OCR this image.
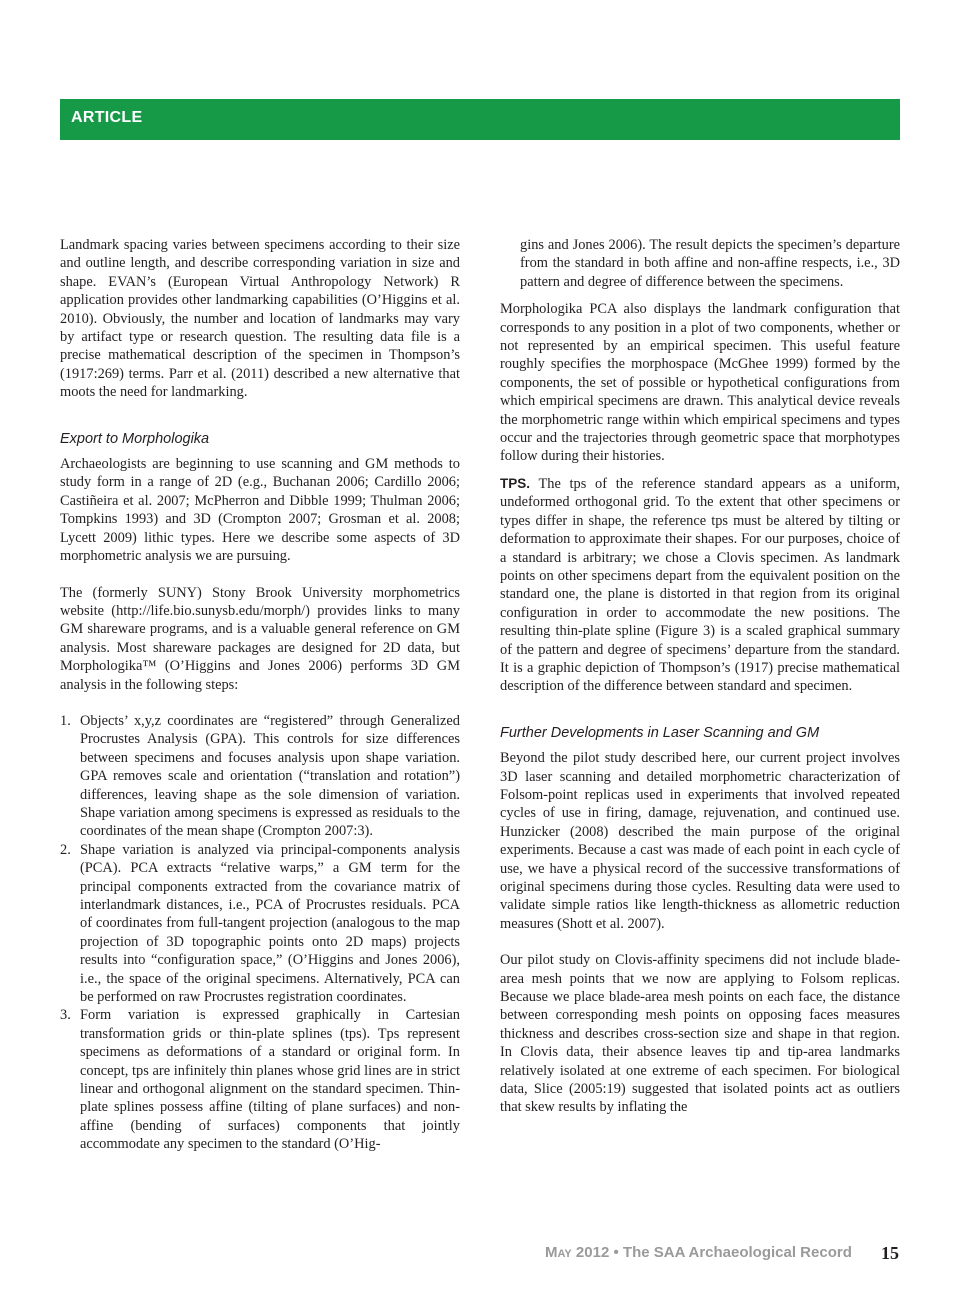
ARTICLE

Landmark spacing varies between specimens according to their size and outline length, and describe corresponding variation in size and shape. EVAN’s (European Virtual Anthropology Network) R application provides other landmarking capabilities (O’Higgins et al. 2010). Obviously, the number and location of landmarks may vary by artifact type or research question. The resulting data file is a precise mathematical description of the specimen in Thompson’s (1917:269) terms. Parr et al. (2011) described a new alternative that moots the need for landmarking.

Export to Morphologika

Archaeologists are beginning to use scanning and GM methods to study form in a range of 2D (e.g., Buchanan 2006; Cardillo 2006; Castiñeira et al. 2007; McPherron and Dibble 1999; Thulman 2006; Tompkins 1993) and 3D (Crompton 2007; Grosman et al. 2008; Lycett 2009) lithic types. Here we describe some aspects of 3D morphometric analysis we are pursuing.

The (formerly SUNY) Stony Brook University morphometrics website (http://life.bio.sunysb.edu/morph/) provides links to many GM shareware programs, and is a valuable general reference on GM analysis. Most shareware packages are designed for 2D data, but Morphologika™ (O’Higgins and Jones 2006) performs 3D GM analysis in the following steps:

1. Objects’ x,y,z coordinates are “registered” through Generalized Procrustes Analysis (GPA). This controls for size differences between specimens and focuses analysis upon shape variation. GPA removes scale and orientation (“translation and rotation”) differences, leaving shape as the sole dimension of variation. Shape variation among specimens is expressed as residuals to the coordinates of the mean shape (Crompton 2007:3).
2. Shape variation is analyzed via principal-components analysis (PCA). PCA extracts “relative warps,” a GM term for the principal components extracted from the covariance matrix of interlandmark distances, i.e., PCA of Procrustes residuals. PCA of coordinates from full-tangent projection (analogous to the map projection of 3D topographic points onto 2D maps) projects results into “configuration space,” (O’Higgins and Jones 2006), i.e., the space of the original specimens. Alternatively, PCA can be performed on raw Procrustes registration coordinates.
3. Form variation is expressed graphically in Cartesian transformation grids or thin-plate splines (tps). Tps represent specimens as deformations of a standard or original form. In concept, tps are infinitely thin planes whose grid lines are in strict linear and orthogonal alignment on the standard specimen. Thin-plate splines possess affine (tilting of plane surfaces) and non-affine (bending of surfaces) components that jointly accommodate any specimen to the standard (O’Hig-

gins and Jones 2006). The result depicts the specimen’s departure from the standard in both affine and non-affine respects, i.e., 3D pattern and degree of difference between the specimens.

Morphologika PCA also displays the landmark configuration that corresponds to any position in a plot of two components, whether or not represented by an empirical specimen. This useful feature roughly specifies the morphospace (McGhee 1999) formed by the components, the set of possible or hypothetical configurations from which empirical specimens are drawn. This analytical device reveals the morphometric range within which empirical specimens and types occur and the trajectories through geometric space that morphotypes follow during their histories.

TPS. The tps of the reference standard appears as a uniform, undeformed orthogonal grid. To the extent that other specimens or types differ in shape, the reference tps must be altered by tilting or deformation to approximate their shapes. For our purposes, choice of a standard is arbitrary; we chose a Clovis specimen. As landmark points on other specimens depart from the equivalent position on the standard one, the plane is distorted in that region from its original configuration in order to accommodate the new positions. The resulting thin-plate spline (Figure 3) is a scaled graphical summary of the pattern and degree of specimens’ departure from the standard. It is a graphic depiction of Thompson’s (1917) precise mathematical description of the difference between standard and specimen.

Further Developments in Laser Scanning and GM

Beyond the pilot study described here, our current project involves 3D laser scanning and detailed morphometric characterization of Folsom-point replicas used in experiments that involved repeated cycles of use in firing, damage, rejuvenation, and continued use. Hunzicker (2008) described the main purpose of the original experiments. Because a cast was made of each point in each cycle of use, we have a physical record of the successive transformations of original specimens during those cycles. Resulting data were used to validate simple ratios like length-thickness as allometric reduction measures (Shott et al. 2007).

Our pilot study on Clovis-affinity specimens did not include blade-area mesh points that we now are applying to Folsom replicas. Because we place blade-area mesh points on each face, the distance between corresponding mesh points on opposing faces measures thickness and describes cross-section size and shape in that region. In Clovis data, their absence leaves tip and tip-area landmarks relatively isolated at one extreme of each specimen. For biological data, Slice (2005:19) suggested that isolated points act as outliers that skew results by inflating the

May 2012 • The SAA Archaeological Record 15
